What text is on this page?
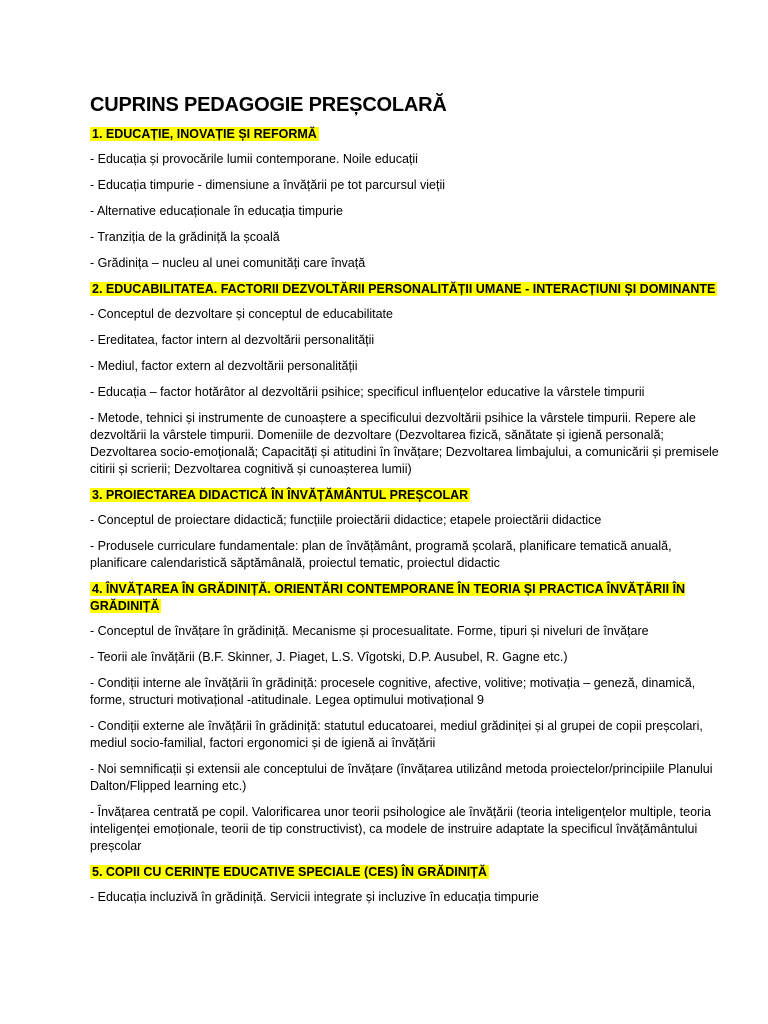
CUPRINS PEDAGOGIE PREȘCOLARĂ

1. EDUCAȚIE, INOVAȚIE ȘI REFORMĂ

- Educația și provocările lumii contemporane. Noile educații

- Educația timpurie - dimensiune a învățării pe tot parcursul vieții

- Alternative educaționale în educația timpurie

- Tranziția de la grădiniță la școală

- Grădinița – nucleu al unei comunități care învață

2. EDUCABILITATEA. FACTORII DEZVOLTĂRII PERSONALITĂȚII UMANE - INTERACȚIUNI ȘI DOMINANTE

- Conceptul de dezvoltare și conceptul de educabilitate

- Ereditatea, factor intern al dezvoltării personalității

- Mediul, factor extern al dezvoltării personalității

- Educația – factor hotărâtor al dezvoltării psihice; specificul influențelor educative la vârstele timpurii

- Metode, tehnici și instrumente de cunoaștere a specificului dezvoltării psihice la vârstele timpurii. Repere ale dezvoltării la vârstele timpurii. Domeniile de dezvoltare (Dezvoltarea fizică, sănătate și igienă personală; Dezvoltarea socio-emoțională; Capacități și atitudini în învățare; Dezvoltarea limbajului, a comunicării și premisele citirii și scrierii; Dezvoltarea cognitivă și cunoașterea lumii)

3. PROIECTAREA DIDACTICĂ ÎN ÎNVĂȚĂMÂNTUL PREȘCOLAR

- Conceptul de proiectare didactică; funcțiile proiectării didactice; etapele proiectării didactice

- Produsele curriculare fundamentale: plan de învățământ, programă școlară, planificare tematică anuală, planificare calendaristică săptămânală, proiectul tematic, proiectul didactic

4. ÎNVĂȚAREA ÎN GRĂDINIȚĂ. ORIENTĂRI CONTEMPORANE ÎN TEORIA ȘI PRACTICA ÎNVĂȚĂRII ÎN GRĂDINIȚĂ

- Conceptul de învățare în grădiniță. Mecanisme și procesualitate. Forme, tipuri și niveluri de învățare

- Teorii ale învățării (B.F. Skinner, J. Piaget, L.S. Vîgotski, D.P. Ausubel, R. Gagne etc.)

- Condiții interne ale învățării în grădiniță: procesele cognitive, afective, volitive; motivația – geneză, dinamică, forme, structuri motivațional -atitudinale. Legea optimului motivațional 9

- Condiții externe ale învățării în grădiniță: statutul educatoarei, mediul grădiniței și al grupei de copii preșcolari, mediul socio-familial, factori ergonomici și de igienă ai învățării

- Noi semnificații și extensii ale conceptului de învățare (învățarea utilizând metoda proiectelor/principiile Planului Dalton/Flipped learning etc.)

- Învățarea centrată pe copil. Valorificarea unor teorii psihologice ale învățării (teoria inteligențelor multiple, teoria inteligenței emoționale, teorii de tip constructivist), ca modele de instruire adaptate la specificul învățământului preșcolar

5. COPII CU CERINȚE EDUCATIVE SPECIALE (CES) ÎN GRĂDINIȚĂ

- Educația incluzivă în grădiniță. Servicii integrate și incluzive în educația timpurie
